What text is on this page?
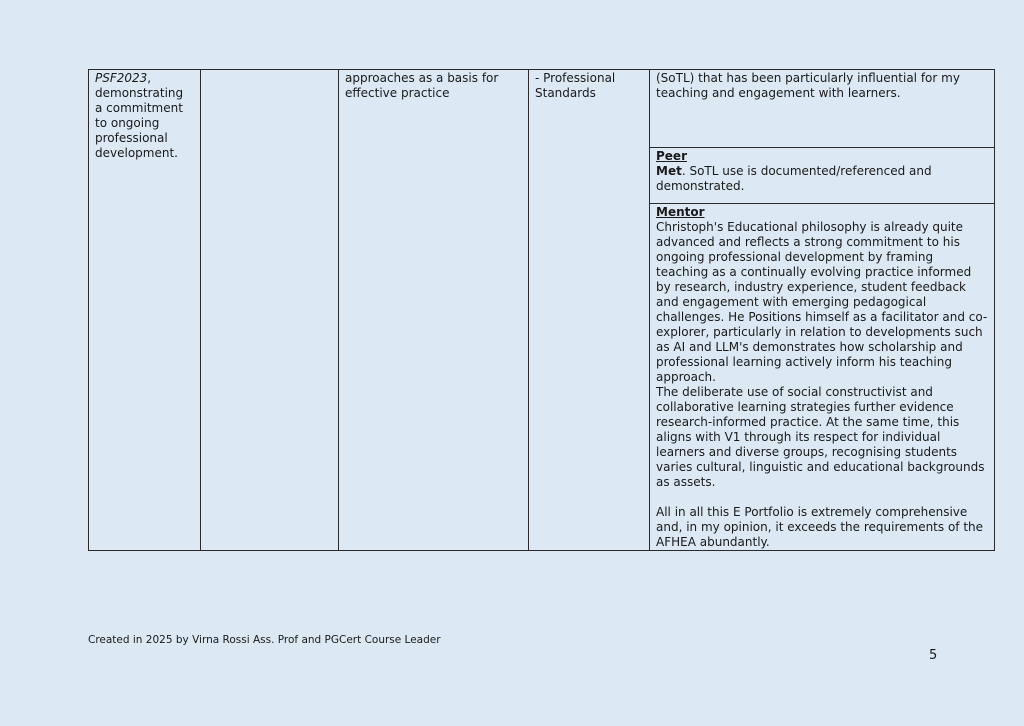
PSF2023, demonstrating a commitment to ongoing professional development.		approaches as a basis for effective practice	- Professional Standards	(SoTL) that has been particularly influential for my teaching and engagement with learners.

Peer
Met. SoTL use is documented/referenced and demonstrated.

Mentor
Christoph's Educational philosophy is already quite advanced and reflects a strong commitment to his ongoing professional development by framing teaching as a continually evolving practice informed by research, industry experience, student feedback and engagement with emerging pedagogical challenges. He Positions himself as a facilitator and co-explorer, particularly in relation to developments such as AI and LLM's demonstrates how scholarship and professional learning actively inform his teaching approach.
The deliberate use of social constructivist and collaborative learning strategies further evidence research-informed practice. At the same time, this aligns with V1 through its respect for individual learners and diverse groups, recognising students varies cultural, linguistic and educational backgrounds as assets.
All in all this E Portfolio is extremely comprehensive and, in my opinion, it exceeds the requirements of the AFHEA abundantly.
Created in 2025 by Virna Rossi Ass. Prof and PGCert Course Leader
5
